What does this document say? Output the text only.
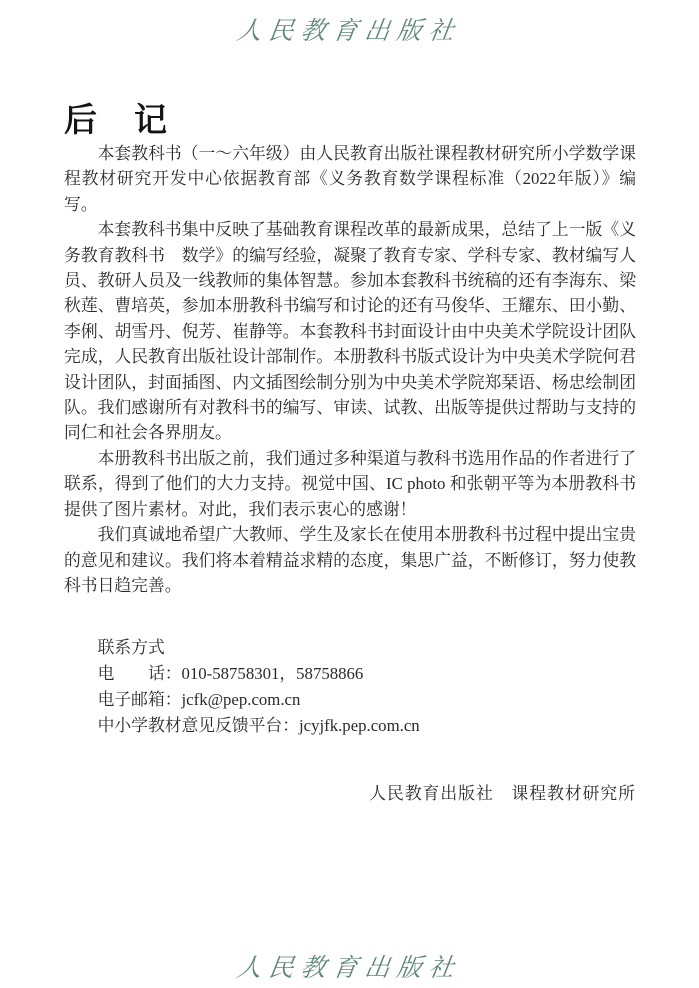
人民教育出版社
后　记

本套教科书（一～六年级）由人民教育出版社课程教材研究所小学数学课程教材研究开发中心依据教育部《义务教育数学课程标准（2022年版）》编写。

本套教科书集中反映了基础教育课程改革的最新成果，总结了上一版《义务教育教科书　数学》的编写经验，凝聚了教育专家、学科专家、教材编写人员、教研人员及一线教师的集体智慧。参加本套教科书统稿的还有李海东、梁秋莲、曹培英，参加本册教科书编写和讨论的还有马俊华、王耀东、田小勤、李俐、胡雪丹、倪芳、崔静等。本套教科书封面设计由中央美术学院设计团队完成，人民教育出版社设计部制作。本册教科书版式设计为中央美术学院何君设计团队，封面插图、内文插图绘制分别为中央美术学院郑琹语、杨忠绘制团队。我们感谢所有对教科书的编写、审读、试教、出版等提供过帮助与支持的同仁和社会各界朋友。

本册教科书出版之前，我们通过多种渠道与教科书选用作品的作者进行了联系，得到了他们的大力支持。视觉中国、IC photo 和张朝平等为本册教科书提供了图片素材。对此，我们表示衷心的感谢！

我们真诚地希望广大教师、学生及家长在使用本册教科书过程中提出宝贵的意见和建议。我们将本着精益求精的态度，集思广益，不断修订，努力使教科书日趋完善。

联系方式
电　　话：010-58758301，58758866
电子邮箱：jcfk@pep.com.cn
中小学教材意见反馈平台：jcyjfk.pep.com.cn
人民教育出版社　课程教材研究所
人民教育出版社
